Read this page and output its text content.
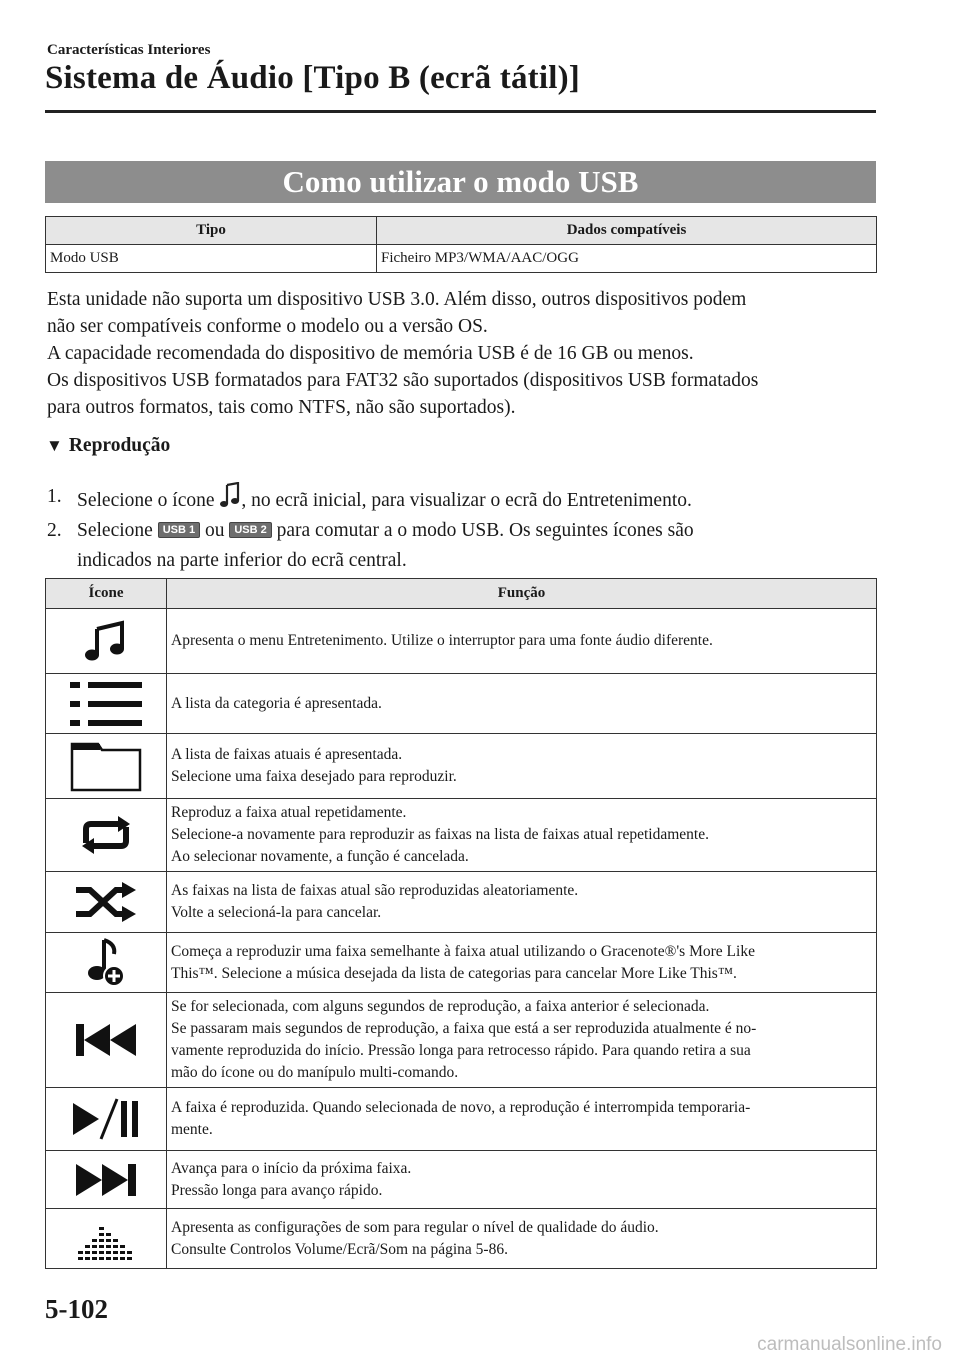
Características Interiores
Sistema de Áudio [Tipo B (ecrã tátil)]
Como utilizar o modo USB
Tipo	Dados compatíveis
Modo USB	Ficheiro MP3/WMA/AAC/OGG

Esta unidade não suporta um dispositivo USB 3.0. Além disso, outros dispositivos podem

não ser compatíveis conforme o modelo ou a versão OS.

A capacidade recomendada do dispositivo de memória USB é de 16 GB ou menos.

Os dispositivos USB formatados para FAT32 são suportados (dispositivos USB formatados

para outros formatos, tais como NTFS, não são suportados).

▼ Reprodução
1. Selecione o ícone , no ecrã inicial, para visualizar o ecrã do Entretenimento.
2. Selecione USB 1 ou USB 2 para comutar a o modo USB. Os seguintes ícones são
indicados na parte inferior do ecrã central.
Ícone	Função

Apresenta o menu Entretenimento. Utilize o interruptor para uma fonte áudio diferente.

A lista da categoria é apresentada.

A lista de faixas atuais é apresentada.
Selecione uma faixa desejado para reproduzir.

Reproduz a faixa atual repetidamente.
Selecione-a novamente para reproduzir as faixas na lista de faixas atual repetidamente.
Ao selecionar novamente, a função é cancelada.

As faixas na lista de faixas atual são reproduzidas aleatoriamente.
Volte a selecioná-la para cancelar.

Começa a reproduzir uma faixa semelhante à faixa atual utilizando o Gracenote®'s More Like
This™. Selecione a música desejada da lista de categorias para cancelar More Like This™.

Se for selecionada, com alguns segundos de reprodução, a faixa anterior é selecionada.
Se passaram mais segundos de reprodução, a faixa que está a ser reproduzida atualmente é no-
vamente reproduzida do início. Pressão longa para retrocesso rápido. Para quando retira a sua
mão do ícone ou do manípulo multi-comando.

A faixa é reproduzida. Quando selecionada de novo, a reprodução é interrompida temporaria-
mente.

Avança para o início da próxima faixa.
Pressão longa para avanço rápido.

Apresenta as configurações de som para regular o nível de qualidade do áudio.
Consulte Controlos Volume/Ecrã/Som na página 5-86.
5-102
carmanualsonline.info
